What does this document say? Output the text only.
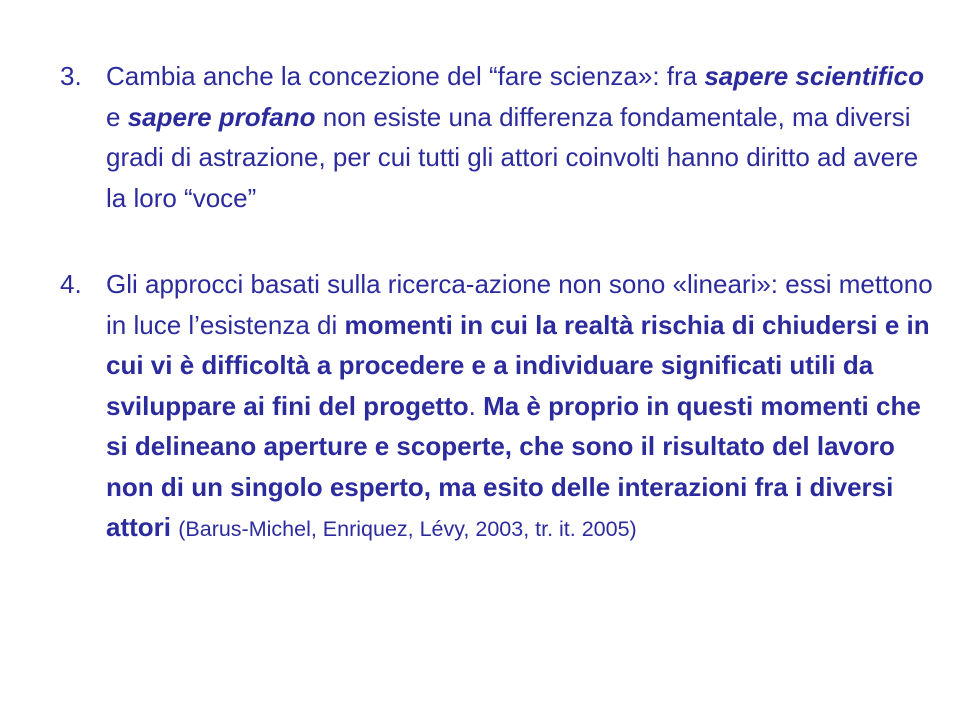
3. Cambia anche la concezione del “fare scienza»: fra sapere scientifico e sapere profano non esiste una differenza fondamentale, ma diversi gradi di astrazione, per cui tutti gli attori coinvolti hanno diritto ad avere la loro “voce”
4. Gli approcci basati sulla ricerca-azione non sono «lineari»: essi mettono in luce l’esistenza di momenti in cui la realtà rischia di chiudersi e in cui vi è difficoltà a procedere e a individuare significati utili da sviluppare ai fini del progetto. Ma è proprio in questi momenti che si delineano aperture e scoperte, che sono il risultato del lavoro non di un singolo esperto, ma esito delle interazioni fra i diversi attori (Barus-Michel, Enriquez, Lévy, 2003, tr. it. 2005)
